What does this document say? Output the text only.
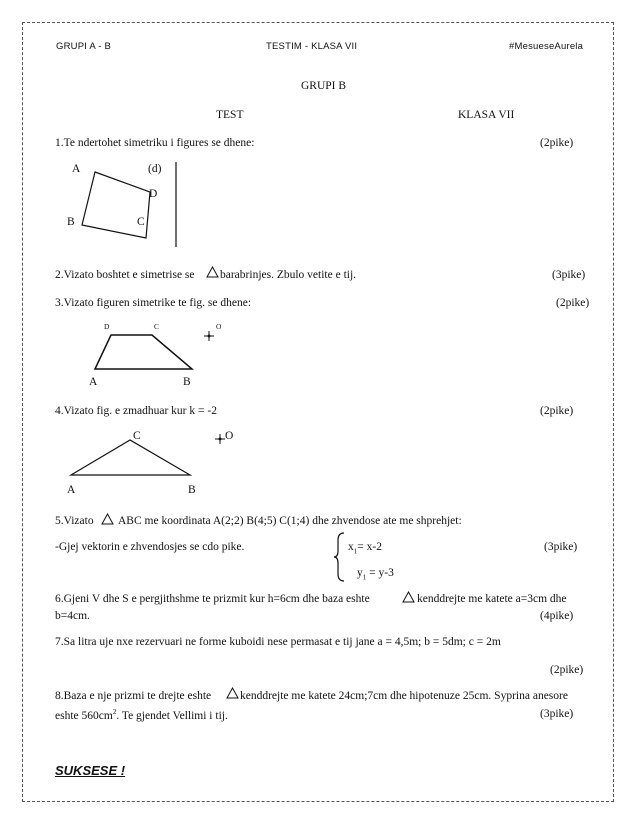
GRUPI A - B	TESTIM - KLASA VII	#MesueseAurela
GRUPI B
TEST	KLASA VII
1.Te ndertohet simetriku i figures se dhene:	(2pike)
A	(d)
D
B	C
2.Vizato boshtet e simetrise se barabrinjes. Zbulo vetite e tij.	(3pike)
3.Vizato figuren simetrike te fig. se dhene:	(2pike)
D	C	O
A	B
4.Vizato fig. e zmadhuar kur k = -2	(2pike)
C	O
A	B
5.Vizato ABC me koordinata A(2;2) B(4;5) C(1;4) dhe zhvendose ate me shprehjet:
-Gjej vektorin e zhvendosjes se cdo pike.	$x_1= x-2$
$y_1 = y-3$
(3pike)
6.Gjeni V dhe S e pergjithshme te prizmit kur h=6cm dhe baza eshte	kenddrejte me katete a=3cm dhe
b=4cm.	(4pike)
7.Sa litra uje nxe rezervuari ne forme kuboidi nese permasat e tij jane a = 4,5m; b = 5dm; c = 2m
(2pike)
8.Baza e nje prizmi te drejte eshte	kenddrejte me katete 24cm;7cm dhe hipotenuze 25cm. Syprina anesore
eshte $560cm^2$. Te gjendet Vellimi i tij.	(3pike)
SUKSESE !
